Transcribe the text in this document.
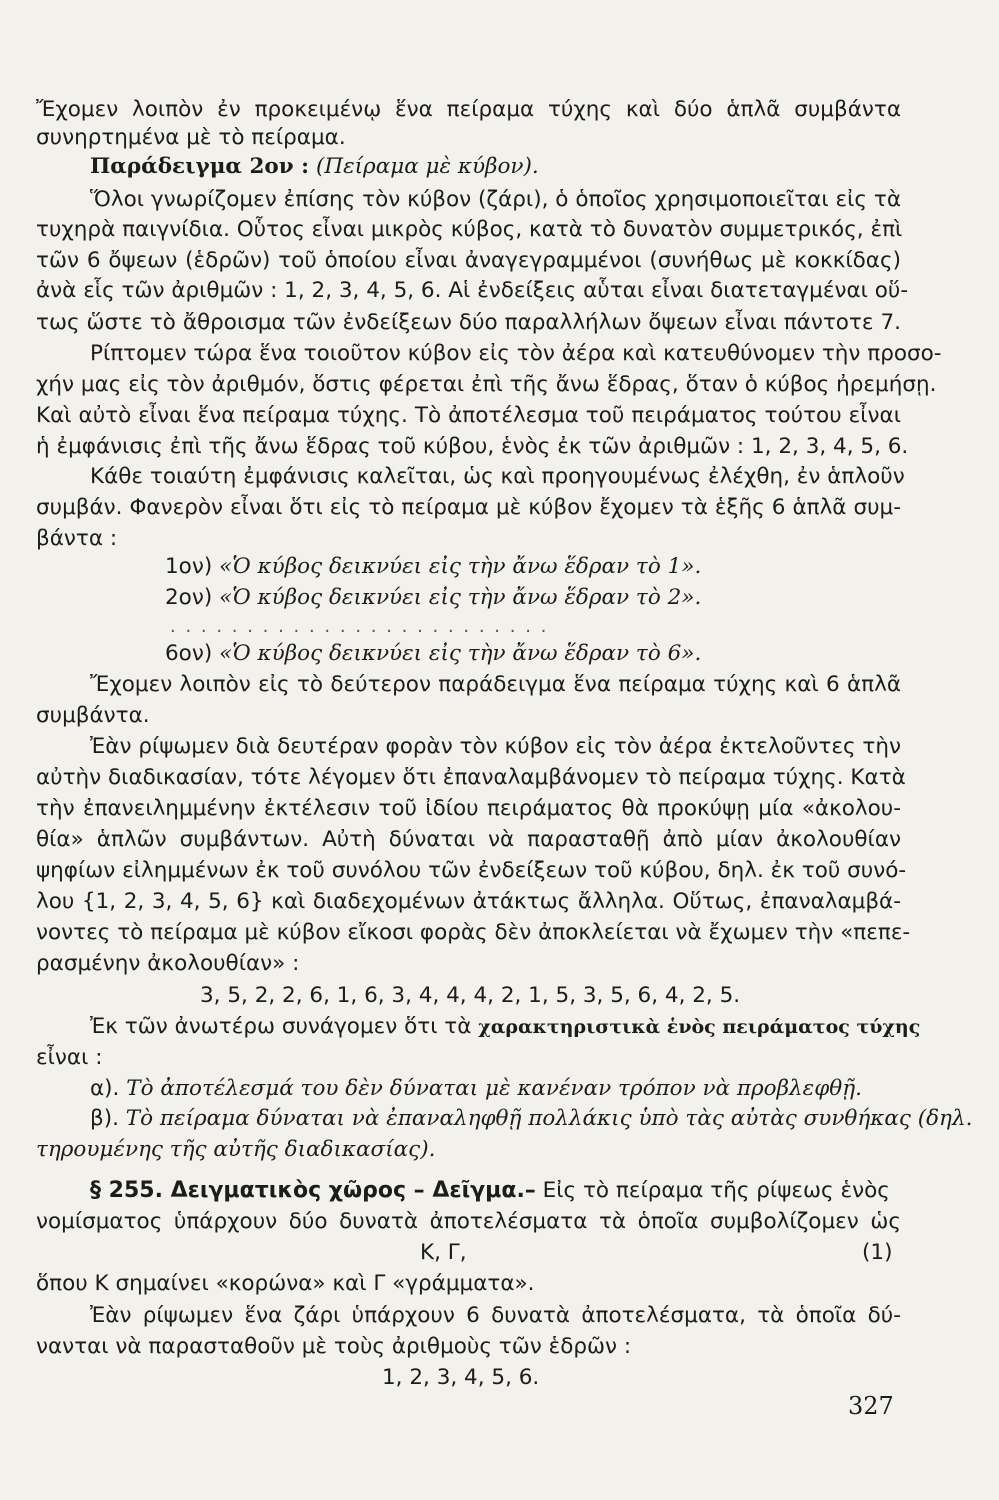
Ἔχομεν λοιπὸν ἐν προκειμένῳ ἕνα πείραμα τύχης καὶ δύο ἁπλᾶ συμβάντα
συνηρτημένα μὲ τὸ πείραμα.
Παράδειγμα 2ον : (Πείραμα μὲ κύβον).
Ὅλοι γνωρίζομεν ἐπίσης τὸν κύβον (ζάρι), ὁ ὁποῖος χρησιμοποιεῖται εἰς τὰ
τυχηρὰ παιγνίδια. Οὗτος εἶναι μικρὸς κύβος, κατὰ τὸ δυνατὸν συμμετρικός, ἐπὶ
τῶν 6 ὄψεων (ἑδρῶν) τοῦ ὁποίου εἶναι ἀναγεγραμμένοι (συνήθως μὲ κοκκίδας)
ἀνὰ εἷς τῶν ἀριθμῶν : 1, 2, 3, 4, 5, 6. Αἱ ἐνδείξεις αὗται εἶναι διατεταγμέναι οὕ-
τως ὥστε τὸ ἄθροισμα τῶν ἐνδείξεων δύο παραλλήλων ὄψεων εἶναι πάντοτε 7.
Ρίπτομεν τώρα ἕνα τοιοῦτον κύβον εἰς τὸν ἀέρα καὶ κατευθύνομεν τὴν προσο-
χήν μας εἰς τὸν ἀριθμόν, ὅστις φέρεται ἐπὶ τῆς ἄνω ἕδρας, ὅταν ὁ κύβος ἠρεμήσῃ.
Καὶ αὐτὸ εἶναι ἕνα πείραμα τύχης. Τὸ ἀποτέλεσμα τοῦ πειράματος τούτου εἶναι
ἡ ἐμφάνισις ἐπὶ τῆς ἄνω ἕδρας τοῦ κύβου, ἑνὸς ἐκ τῶν ἀριθμῶν : 1, 2, 3, 4, 5, 6.
Κάθε τοιαύτη ἐμφάνισις καλεῖται, ὡς καὶ προηγουμένως ἐλέχθη, ἐν ἁπλοῦν
συμβάν. Φανερὸν εἶναι ὅτι εἰς τὸ πείραμα μὲ κύβον ἔχομεν τὰ ἑξῆς 6 ἁπλᾶ συμ-
βάντα :
1ον) «Ὁ κύβος δεικνύει εἰς τὴν ἄνω ἕδραν τὸ 1».
2ον) «Ὁ κύβος δεικνύει εἰς τὴν ἄνω ἕδραν τὸ 2».
. . . . . . . . . . . . . . . . . . . . . . . . .
6ον) «Ὁ κύβος δεικνύει εἰς τὴν ἄνω ἕδραν τὸ 6».
Ἔχομεν λοιπὸν εἰς τὸ δεύτερον παράδειγμα ἕνα πείραμα τύχης καὶ 6 ἁπλᾶ
συμβάντα.
Ἐὰν ρίψωμεν διὰ δευτέραν φορὰν τὸν κύβον εἰς τὸν ἀέρα ἐκτελοῦντες τὴν
αὐτὴν διαδικασίαν, τότε λέγομεν ὅτι ἐπαναλαμβάνομεν τὸ πείραμα τύχης. Κατὰ
τὴν ἐπανειλημμένην ἐκτέλεσιν τοῦ ἰδίου πειράματος θὰ προκύψῃ μία «ἀκολου-
θία» ἁπλῶν συμβάντων. Αὐτὴ δύναται νὰ παρασταθῇ ἀπὸ μίαν ἀκολουθίαν
ψηφίων εἰλημμένων ἐκ τοῦ συνόλου τῶν ἐνδείξεων τοῦ κύβου, δηλ. ἐκ τοῦ συνό-
λου {1, 2, 3, 4, 5, 6} καὶ διαδεχομένων ἀτάκτως ἄλληλα. Οὕτως, ἐπαναλαμβά-
νοντες τὸ πείραμα μὲ κύβον εἴκοσι φορὰς δὲν ἀποκλείεται νὰ ἔχωμεν τὴν «πεπε-
ρασμένην ἀκολουθίαν» :
3, 5, 2, 2, 6, 1, 6, 3, 4, 4, 4, 2, 1, 5, 3, 5, 6, 4, 2, 5.
Ἐκ τῶν ἀνωτέρω συνάγομεν ὅτι τὰ χαρακτηριστικὰ ἑνὸς πειράματος τύχης
εἶναι :
α). Τὸ ἀποτέλεσμά του δὲν δύναται μὲ κανέναν τρόπον νὰ προβλεφθῇ.
β). Τὸ πείραμα δύναται νὰ ἐπαναληφθῇ πολλάκις ὑπὸ τὰς αὐτὰς συνθήκας (δηλ.
τηρουμένης τῆς αὐτῆς διαδικασίας).
§ 255. Δειγματικὸς χῶρος – Δεῖγμα.– Εἰς τὸ πείραμα τῆς ρίψεως ἑνὸς
νομίσματος ὑπάρχουν δύο δυνατὰ ἀποτελέσματα τὰ ὁποῖα συμβολίζομεν ὡς
Κ, Γ,	(1)
ὅπου Κ σημαίνει «κορώνα» καὶ Γ «γράμματα».
Ἐὰν ρίψωμεν ἕνα ζάρι ὑπάρχουν 6 δυνατὰ ἀποτελέσματα, τὰ ὁποῖα δύ-
νανται νὰ παρασταθοῦν μὲ τοὺς ἀριθμοὺς τῶν ἑδρῶν :
1, 2, 3, 4, 5, 6.
327
